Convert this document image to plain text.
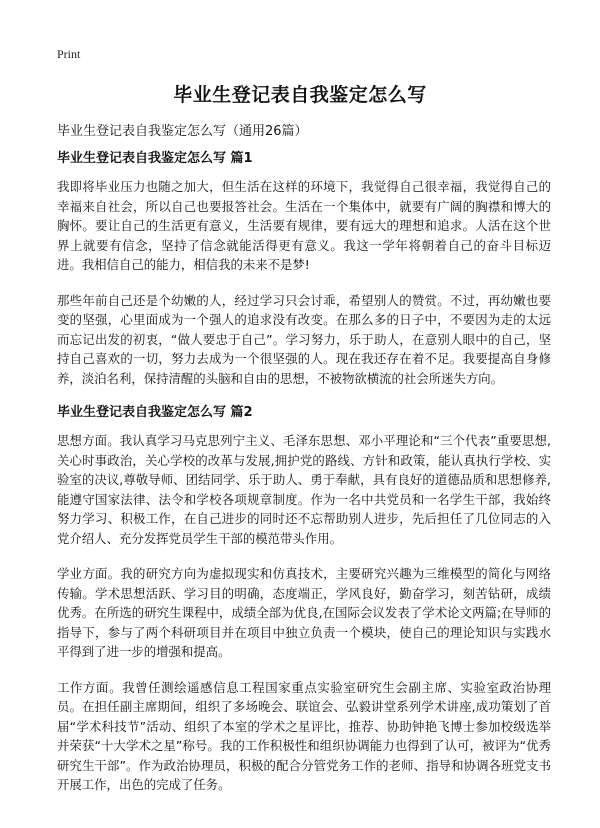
Print
毕业生登记表自我鉴定怎么写

毕业生登记表自我鉴定怎么写（通用26篇）

毕业生登记表自我鉴定怎么写 篇1

我即将毕业压力也随之加大，但生活在这样的环境下，我觉得自己很幸福，我觉得自己的幸福来自社会，所以自己也要报答社会。生活在一个集体中，就要有广阔的胸襟和博大的胸怀。要让自己的生活更有意义，生活要有规律，要有远大的理想和追求。人活在这个世界上就要有信念，坚持了信念就能活得更有意义。我这一学年将朝着自己的奋斗目标迈进。我相信自己的能力，相信我的未来不是梦!

那些年前自己还是个幼嫩的人，经过学习只会讨乖，希望别人的赞赏。不过，再幼嫩也要变的坚强，心里面成为一个强人的追求没有改变。在那么多的日子中，不要因为走的太远而忘记出发的初衷，“做人要忠于自己”。学习努力，乐于助人，在意别人眼中的自己，坚持自己喜欢的一切，努力去成为一个很坚强的人。现在我还存在着不足。我要提高自身修养，淡泊名利，保持清醒的头脑和自由的思想，不被物欲横流的社会所迷失方向。

毕业生登记表自我鉴定怎么写 篇2

思想方面。我认真学习马克思列宁主义、毛泽东思想、邓小平理论和“三个代表”重要思想,关心时事政治，关心学校的改革与发展,拥护党的路线、方针和政策，能认真执行学校、实验室的决议,尊敬导师、团结同学、乐于助人、勇于奉献，具有良好的道德品质和思想修养,能遵守国家法律、法令和学校各项规章制度。作为一名中共党员和一名学生干部，我始终努力学习、积极工作，在自己进步的同时还不忘帮助别人进步，先后担任了几位同志的入党介绍人、充分发挥党员学生干部的模范带头作用。

学业方面。我的研究方向为虚拟现实和仿真技术，主要研究兴趣为三维模型的简化与网络传输。学术思想活跃、学习目的明确，态度端正，学风良好，勤奋学习，刻苦钻研，成绩优秀。在所选的研究生课程中，成绩全部为优良,在国际会议发表了学术论文两篇;在导师的指导下，参与了两个科研项目并在项目中独立负责一个模块，使自己的理论知识与实践水平得到了进一步的增强和提高。

工作方面。我曾任测绘遥感信息工程国家重点实验室研究生会副主席、实验室政治协理员。在担任副主席期间，组织了多场晚会、联谊会、弘毅讲堂系列学术讲座,成功策划了首届“学术科技节”活动、组织了本室的学术之星评比，推荐、协助钟艳飞博士参加校级选举并荣获“十大学术之星”称号。我的工作积极性和组织协调能力也得到了认可，被评为“优秀研究生干部”。作为政治协理员，积极的配合分管党务工作的老师、指导和协调各班党支书开展工作，出色的完成了任务。
